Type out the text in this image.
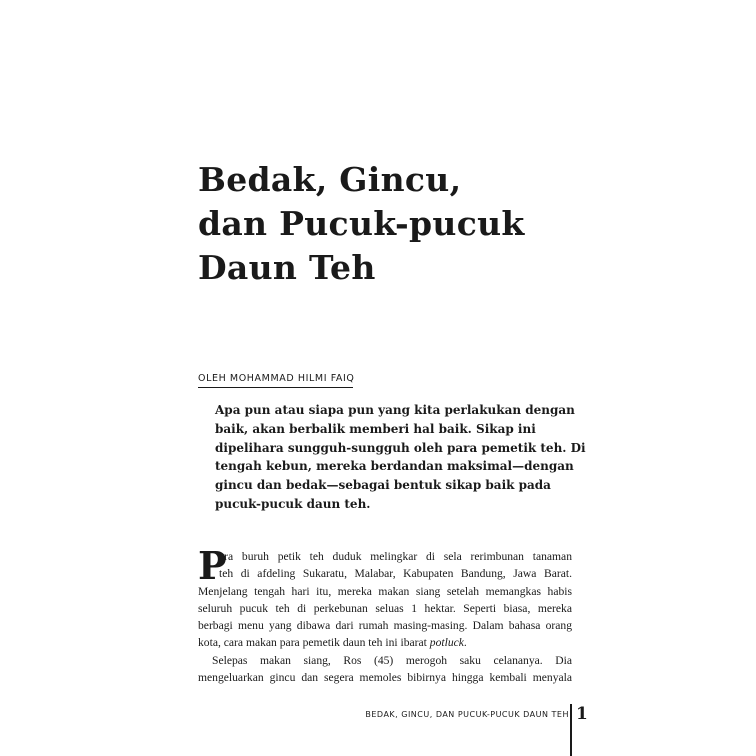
Bedak, Gincu,
dan Pucuk-pucuk
Daun Teh
OLEH MOHAMMAD HILMI FAIQ
Apa pun atau siapa pun yang kita perlakukan dengan
baik, akan berbalik memberi hal baik. Sikap ini
dipelihara sungguh-sungguh oleh para pemetik teh. Di
tengah kebun, mereka berdandan maksimal—dengan
gincu dan bedak—sebagai bentuk sikap baik pada
pucuk-pucuk daun teh.
P
ara buruh petik teh duduk melingkar di sela rerimbunan tanaman
teh di afdeling Sukaratu, Malabar, Kabupaten Bandung, Jawa Barat.
Menjelang tengah hari itu, mereka makan siang setelah memangkas habis
seluruh pucuk teh di perkebunan seluas 1 hektar. Seperti biasa, mereka
berbagi menu yang dibawa dari rumah masing-masing. Dalam bahasa orang
kota, cara makan para pemetik daun teh ini ibarat potluck.
Selepas makan siang, Ros (45) merogoh saku celananya. Dia
mengeluarkan gincu dan segera memoles bibirnya hingga kembali menyala
BEDAK, GINCU, DAN PUCUK-PUCUK DAUN TEH 1
